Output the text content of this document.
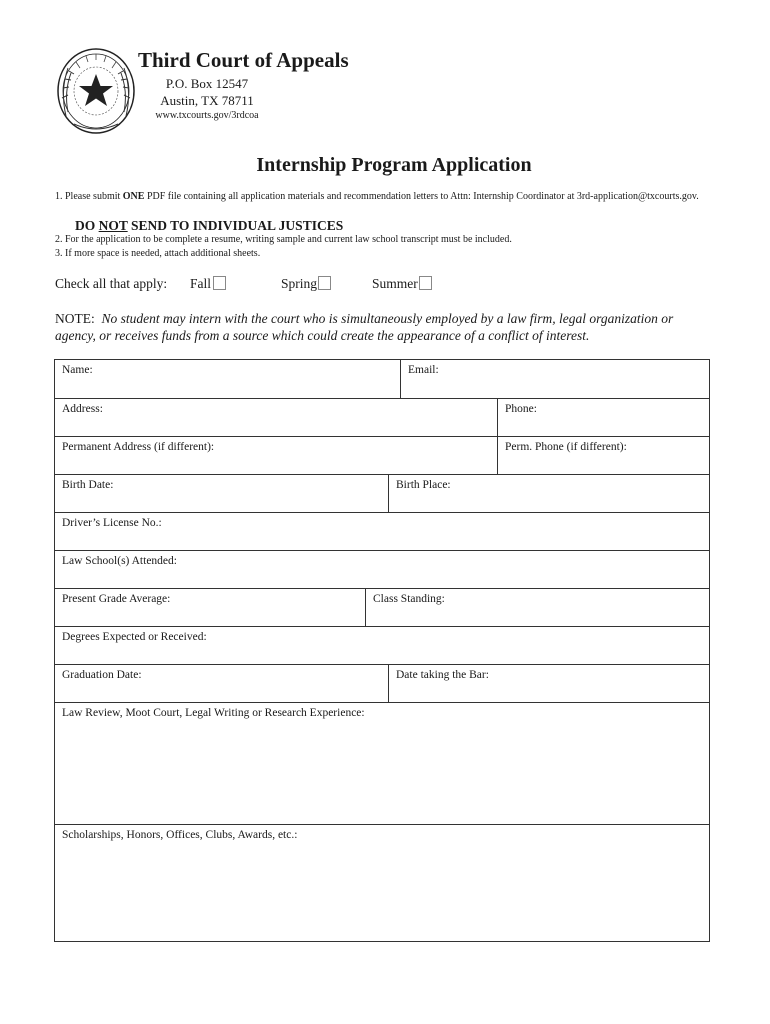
Third Court of Appeals
P.O. Box 12547
Austin, TX 78711
www.txcourts.gov/3rdcoa
Internship Program Application
1. Please submit ONE PDF file containing all application materials and recommendation letters to Attn: Internship Coordinator at 3rd-application@txcourts.gov.
DO NOT SEND TO INDIVIDUAL JUSTICES
2. For the application to be complete a resume, writing sample and current law school transcript must be included.
3. If more space is needed, attach additional sheets.
Check all that apply: Fall	Spring	Summer
NOTE: No student may intern with the court who is simultaneously employed by a law firm, legal organization or agency, or receives funds from a source which could create the appearance of a conflict of interest.
Name:	Email:
Address:	Phone:
Permanent Address (if different):	Perm. Phone (if different):
Birth Date:	Birth Place:
Driver’s License No.:
Law School(s) Attended:
Present Grade Average:	Class Standing:
Degrees Expected or Received:
Graduation Date:	Date taking the Bar:
Law Review, Moot Court, Legal Writing or Research Experience:
Scholarships, Honors, Offices, Clubs, Awards, etc.:
